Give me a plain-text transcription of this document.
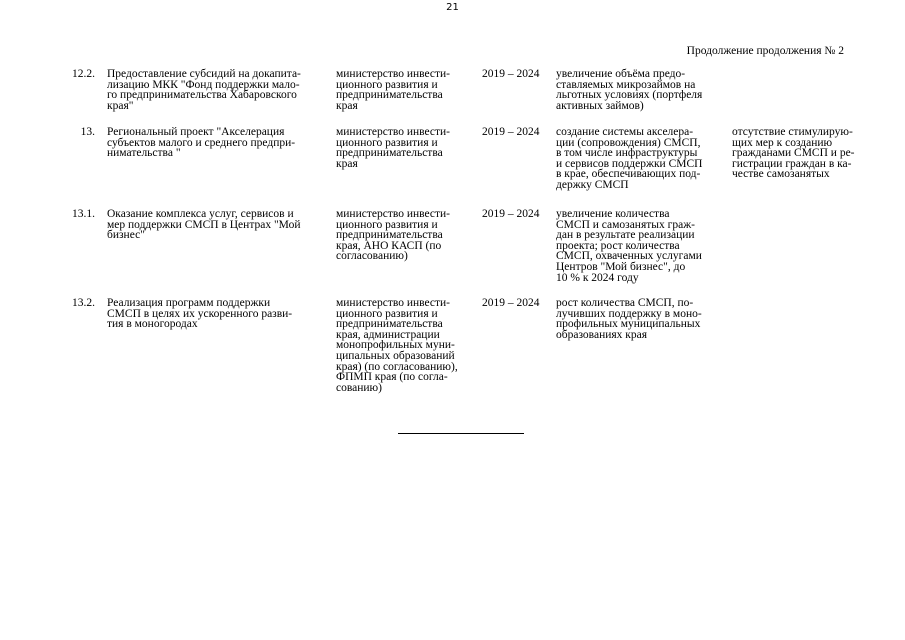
21
Продолжение продолжения № 2
12.2. Предоставление субсидий на докапита-
лизацию МКК "Фонд поддержки мало-
го предпринимательства Хабаровского
края"
министерство инвести-
ционного развития и
предпринимательства
края
2019 – 2024 увеличение объёма предо-
ставляемых микрозаймов на
льготных условиях (портфеля
активных займов)
13. Региональный проект "Акселерация
субъектов малого и среднего предпри-
нимательства "
министерство инвести-
ционного развития и
предпринимательства
края
2019 – 2024 создание системы акселера-
ции (сопровождения) СМСП,
в том числе инфраструктуры
и сервисов поддержки СМСП
в крае, обеспечивающих под-
держку СМСП
отсутствие стимулирую-
щих мер к созданию
гражданами СМСП и ре-
гистрации граждан в ка-
честве самозанятых
13.1. Оказание комплекса услуг, сервисов и
мер поддержки СМСП в Центрах "Мой
бизнес"
министерство инвести-
ционного развития и
предпринимательства
края, АНО КАСП (по
согласованию)
2019 – 2024 увеличение количества
СМСП и самозанятых граж-
дан в результате реализации
проекта; рост количества
СМСП, охваченных услугами
Центров "Мой бизнес", до
10 % к 2024 году
13.2. Реализация программ поддержки
СМСП в целях их ускоренного разви-
тия в моногородах
министерство инвести-
ционного развития и
предпринимательства
края, администрации
монопрофильных муни-
ципальных образований
края) (по согласованию),
ФПМП края (по согла-
сованию)
2019 – 2024 рост количества СМСП, по-
лучивших поддержку в моно-
профильных муниципальных
образованиях края
